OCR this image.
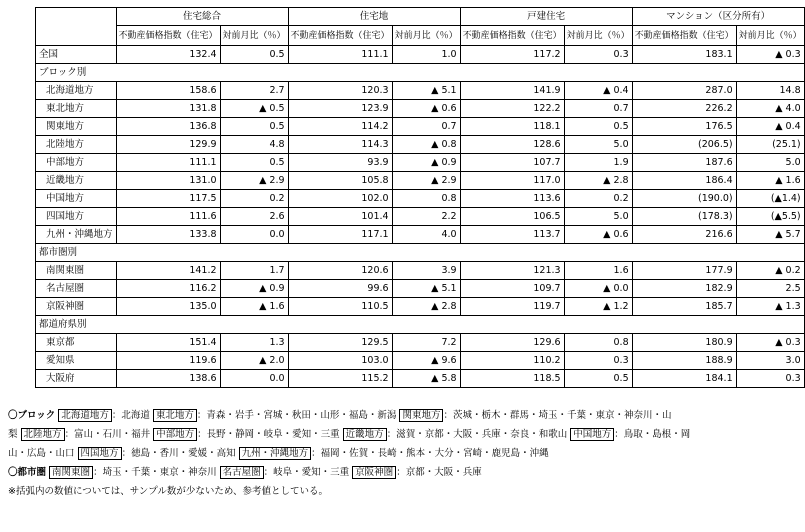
	住宅総合		住宅地		戸建住宅		マンション（区分所有）	
	不動産価格指数（住宅）	対前月比（％）	不動産価格指数（住宅）	対前月比（％）	不動産価格指数（住宅）	対前月比（％）	不動産価格指数（住宅）	対前月比（％）
全国	132.4	0.5	111.1	1.0	117.2	0.3	183.1	▲ 0.3
ブロック別								
北海道地方	158.6	2.7	120.3	▲ 5.1	141.9	▲ 0.4	287.0	14.8
東北地方	131.8	▲ 0.5	123.9	▲ 0.6	122.2	0.7	226.2	▲ 4.0
関東地方	136.8	0.5	114.2	0.7	118.1	0.5	176.5	▲ 0.4
北陸地方	129.9	4.8	114.3	▲ 0.8	128.6	5.0	(206.5)	(25.1)
中部地方	111.1	0.5	93.9	▲ 0.9	107.7	1.9	187.6	5.0
近畿地方	131.0	▲ 2.9	105.8	▲ 2.9	117.0	▲ 2.8	186.4	▲ 1.6
中国地方	117.5	0.2	102.0	0.8	113.6	0.2	(190.0)	(▲1.4)
四国地方	111.6	2.6	101.4	2.2	106.5	5.0	(178.3)	(▲5.5)
九州・沖縄地方	133.8	0.0	117.1	4.0	113.7	▲ 0.6	216.6	▲ 5.7
都市圏別								
南関東圏	141.2	1.7	120.6	3.9	121.3	1.6	177.9	▲ 0.2
名古屋圏	116.2	▲ 0.9	99.6	▲ 5.1	109.7	▲ 0.0	182.9	2.5
京阪神圏	135.0	▲ 1.6	110.5	▲ 2.8	119.7	▲ 1.2	185.7	▲ 1.3
都道府県別								
東京都	151.4	1.3	129.5	7.2	129.6	0.8	180.9	▲ 0.3
愛知県	119.6	▲ 2.0	103.0	▲ 9.6	110.2	0.3	188.9	3.0
大阪府	138.6	0.0	115.2	▲ 5.8	118.5	0.5	184.1	0.3
〇ブロック 北海道地方 ：北海道 東北地方 ：青森・岩手・宮城・秋田・山形・福島・新潟 関東地方 ：茨城・栃木・群馬・埼玉・千葉・東京・神奈川・山梨 北陸地方 ：富山・石川・福井 中部地方 ：長野・静岡・岐阜・愛知・三重 近畿地方 ：滋賀・京都・大阪・兵庫・奈良・和歌山 中国地方 ：鳥取・島根・岡山・広島・山口 四国地方 ：徳島・香川・愛媛・高知 九州・沖縄地方 ：福岡・佐賀・長崎・熊本・大分・宮崎・鹿児島・沖縄
〇都市圏 南関東圏 ：埼玉・千葉・東京・神奈川 名古屋圏 ：岐阜・愛知・三重 京阪神圏 ：京都・大阪・兵庫
※括弧内の数値については、サンプル数が少ないため、参考値としている。
